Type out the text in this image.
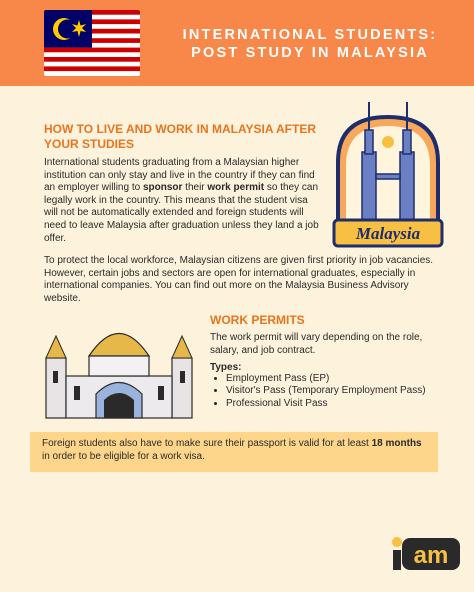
INTERNATIONAL STUDENTS:
POST STUDY IN MALAYSIA
HOW TO LIVE AND WORK IN MALAYSIA AFTER YOUR STUDIES
International students graduating from a Malaysian higher institution can only stay and live in the country if they can find an employer willing to sponsor their work permit so they can legally work in the country. This means that the student visa will not be automatically extended and foreign students will need to leave Malaysia after graduation unless they land a job offer.	Malaysia
To protect the local workforce, Malaysian citizens are given first priority in job vacancies. However, certain jobs and sectors are open for international graduates, especially in international companies. You can find out more on the Malaysia Business Advisory website.
WORK PERMITS
The work permit will vary depending on the role, salary, and job contract.
Types:
• Employment Pass (EP)
• Visitor's Pass (Temporary Employment Pass)
• Professional Visit Pass
Foreign students also have to make sure their passport is valid for at least 18 months in order to be eligible for a work visa.
am
